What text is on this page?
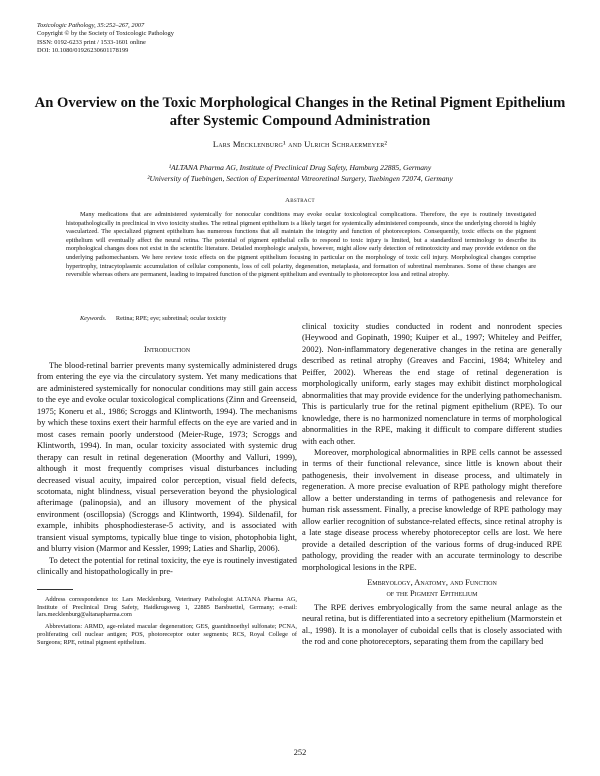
Toxicologic Pathology, 35:252–267, 2007
Copyright © by the Society of Toxicologic Pathology
ISSN: 0192-6233 print / 1533-1601 online
DOI: 10.1080/01926230601178199
An Overview on the Toxic Morphological Changes in the Retinal Pigment Epithelium after Systemic Compound Administration
Lars Mecklenburg¹ and Ulrich Schraermeyer²
¹ALTANA Pharma AG, Institute of Preclinical Drug Safety, Hamburg 22885, Germany
²University of Tuebingen, Section of Experimental Vitreoretinal Surgery, Tuebingen 72074, Germany
Abstract
Many medications that are administered systemically for nonocular conditions may evoke ocular toxicological complications. Therefore, the eye is routinely investigated histopathologically in preclinical in vivo toxicity studies. The retinal pigment epithelium is a likely target for systemically administered compounds, since the underlying choroid is highly vascularized. The specialized pigment epithelium has numerous functions that all maintain the integrity and function of photoreceptors. Consequently, toxic effects on the pigment epithelium will eventually affect the neural retina. The potential of pigment epithelial cells to respond to toxic injury is limited, but a standardized terminology to describe its morphological changes does not exist in the scientific literature. Detailed morphologic analysis, however, might allow early detection of retinotoxicity and may provide evidence on the underlying pathomechanism. We here review toxic effects on the pigment epithelium focusing in particular on the morphology of toxic cell injury. Morphological changes comprise hypertrophy, intracytoplasmic accumulation of cellular components, loss of cell polarity, degeneration, metaplasia, and formation of subretinal membranes. Some of these changes are reversible whereas others are permanent, leading to impaired function of the pigment epithelium and eventually to photoreceptor loss and retinal atrophy.
Keywords. Retina; RPE; eye; subretinal; ocular toxicity
Introduction

The blood-retinal barrier prevents many systemically administered drugs from entering the eye via the circulatory system. Yet many medications that are administered systemically for nonocular conditions may still gain access to the eye and evoke ocular toxicological complications (Zinn and Greenseid, 1975; Koneru et al., 1986; Scroggs and Klintworth, 1994). The mechanisms by which these toxins exert their harmful effects on the eye are varied and in most cases remain poorly understood (Meier-Ruge, 1973; Scroggs and Klintworth, 1994). In man, ocular toxicity associated with systemic drug therapy can result in retinal degeneration (Moorthy and Valluri, 1999), although it most frequently comprises visual disturbances including decreased visual acuity, impaired color perception, visual field defects, scotomata, night blindness, visual perseveration beyond the physiological afterimage (palinopsia), and an illusory movement of the physical environment (oscillopsia) (Scroggs and Klintworth, 1994). Sildenafil, for example, inhibits phosphodiesterase-5 activity, and is associated with transient visual symptoms, typically blue tinge to vision, photophobia light, and blurry vision (Marmor and Kessler, 1999; Laties and Sharlip, 2006).

To detect the potential for retinal toxicity, the eye is routinely investigated clinically and histopathologically in pre-

Address correspondence to: Lars Mecklenburg, Veterinary Pathologist ALTANA Pharma AG, Institute of Preclinical Drug Safety, Haidkrugsweg 1, 22885 Barsbuettel, Germany; e-mail: lars.mecklenburg@altanapharma.com
Abbreviations: ARMD, age-related macular degeneration; GES, guanidinoethyl sulfonate; PCNA, proliferating cell nuclear antigen; POS, photoreceptor outer segments; RCS, Royal College of Surgeons; RPE, retinal pigment epithelium.

clinical toxicity studies conducted in rodent and nonrodent species (Heywood and Gopinath, 1990; Kuiper et al., 1997; Whiteley and Peiffer, 2002). Non-inflammatory degenerative changes in the retina are generally described as retinal atrophy (Greaves and Faccini, 1984; Whiteley and Peiffer, 2002). Whereas the end stage of retinal degeneration is morphologically uniform, early stages may exhibit distinct morphological abnormalities that may provide evidence for the underlying pathomechanism. This is particularly true for the retinal pigment epithelium (RPE). To our knowledge, there is no harmonized nomenclature in terms of morphological abnormalities in the RPE, making it difficult to compare different studies with each other.

Moreover, morphological abnormalities in RPE cells cannot be assessed in terms of their functional relevance, since little is known about their pathogenesis, their involvement in disease process, and ultimately in regeneration. A more precise evaluation of RPE pathology might therefore allow a better understanding in terms of pathogenesis and relevance for human risk assessment. Finally, a precise knowledge of RPE pathology may allow earlier recognition of substance-related effects, since retinal atrophy is a late stage disease process whereby photoreceptor cells are lost. We here provide a detailed description of the various forms of drug-induced RPE pathology, providing the reader with an accurate terminology to describe morphological lesions in the RPE.

Embryology, Anatomy, and Function
of the Pigment Epithelium

The RPE derives embryologically from the same neural anlage as the neural retina, but is differentiated into a secretory epithelium (Marmorstein et al., 1998). It is a monolayer of cuboidal cells that is closely associated with the rod and cone photoreceptors, separating them from the capillary bed

252
